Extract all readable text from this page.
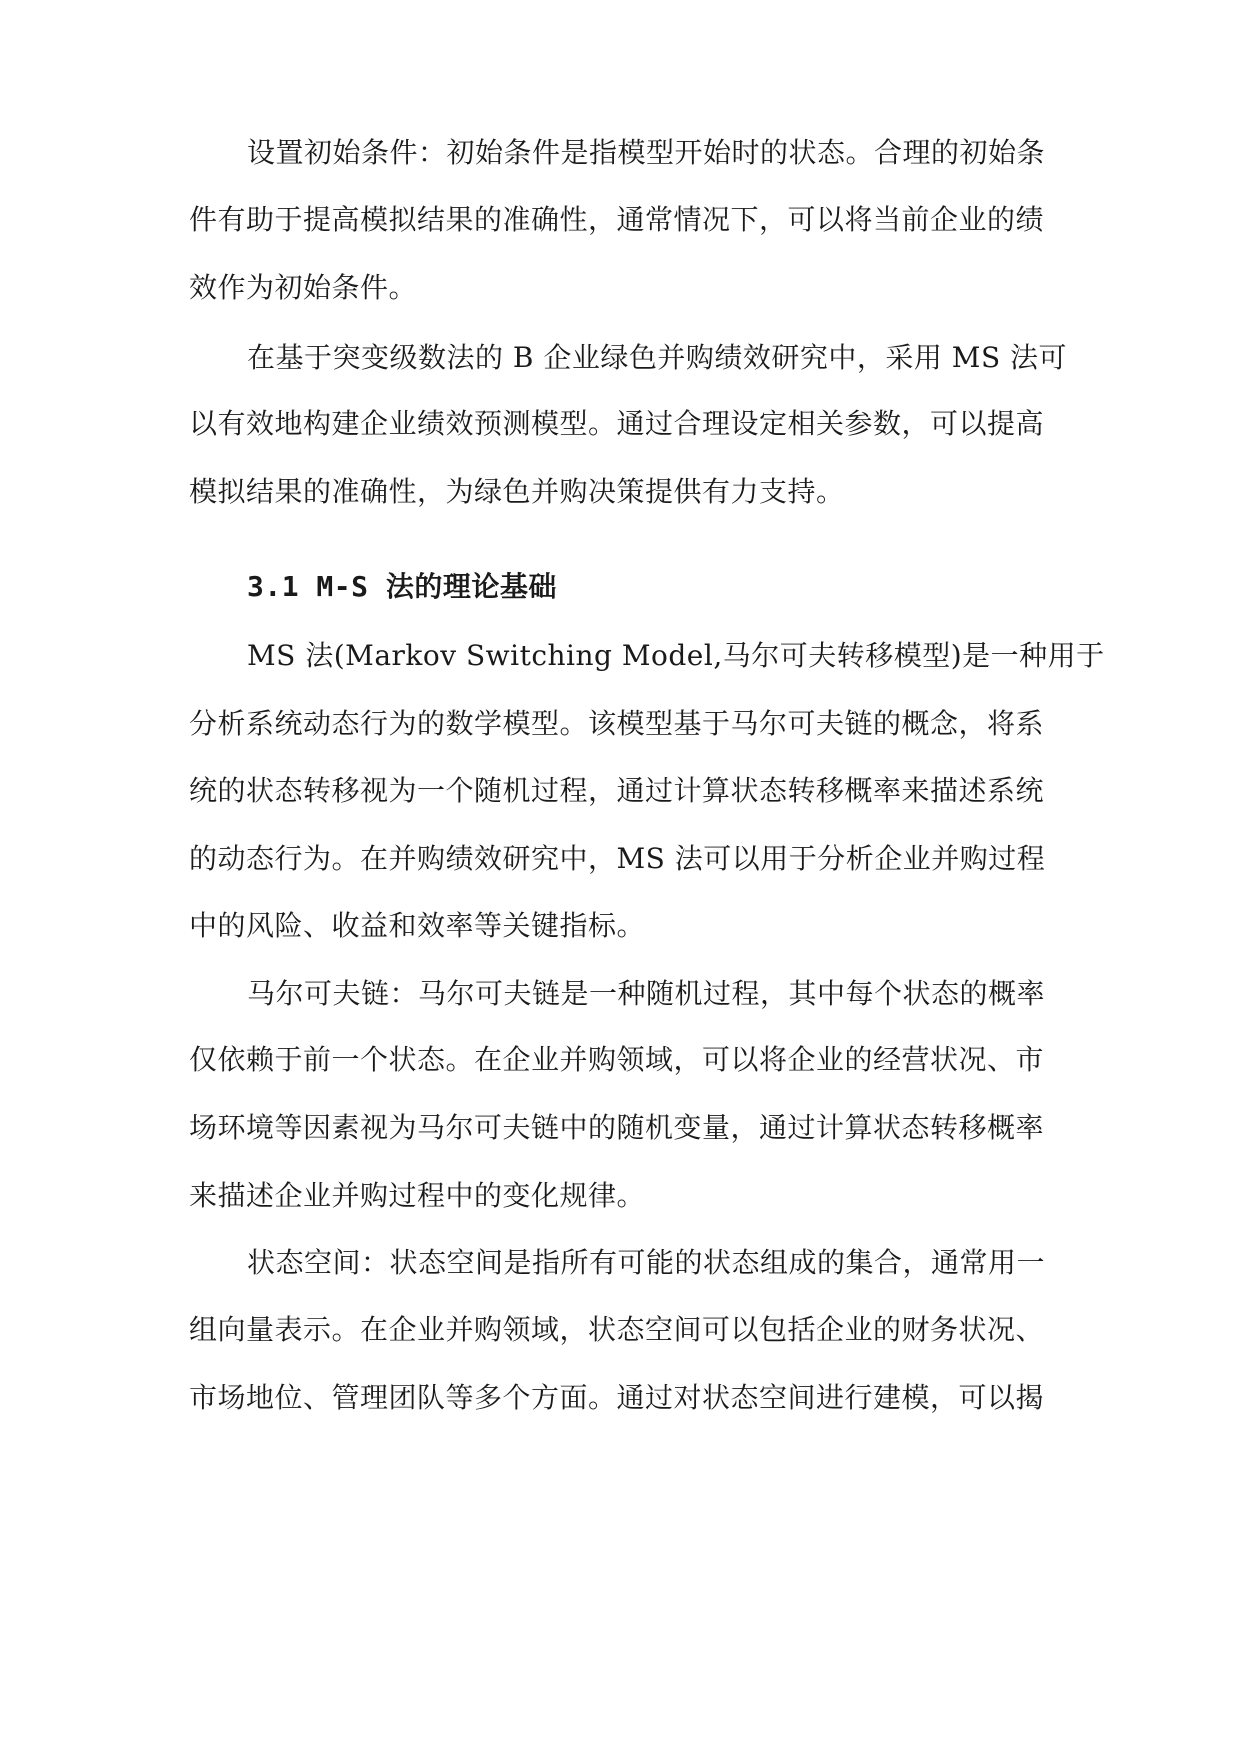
设置初始条件：初始条件是指模型开始时的状态。合理的初始条
件有助于提高模拟结果的准确性，通常情况下，可以将当前企业的绩
效作为初始条件。
在基于突变级数法的 B 企业绿色并购绩效研究中，采用 MS 法可
以有效地构建企业绩效预测模型。通过合理设定相关参数，可以提高
模拟结果的准确性，为绿色并购决策提供有力支持。
3.1 M-S 法的理论基础
MS 法(Markov Switching Model,马尔可夫转移模型)是一种用于
分析系统动态行为的数学模型。该模型基于马尔可夫链的概念，将系
统的状态转移视为一个随机过程，通过计算状态转移概率来描述系统
的动态行为。在并购绩效研究中，MS 法可以用于分析企业并购过程
中的风险、收益和效率等关键指标。
马尔可夫链：马尔可夫链是一种随机过程，其中每个状态的概率
仅依赖于前一个状态。在企业并购领域，可以将企业的经营状况、市
场环境等因素视为马尔可夫链中的随机变量，通过计算状态转移概率
来描述企业并购过程中的变化规律。
状态空间：状态空间是指所有可能的状态组成的集合，通常用一
组向量表示。在企业并购领域，状态空间可以包括企业的财务状况、
市场地位、管理团队等多个方面。通过对状态空间进行建模，可以揭
